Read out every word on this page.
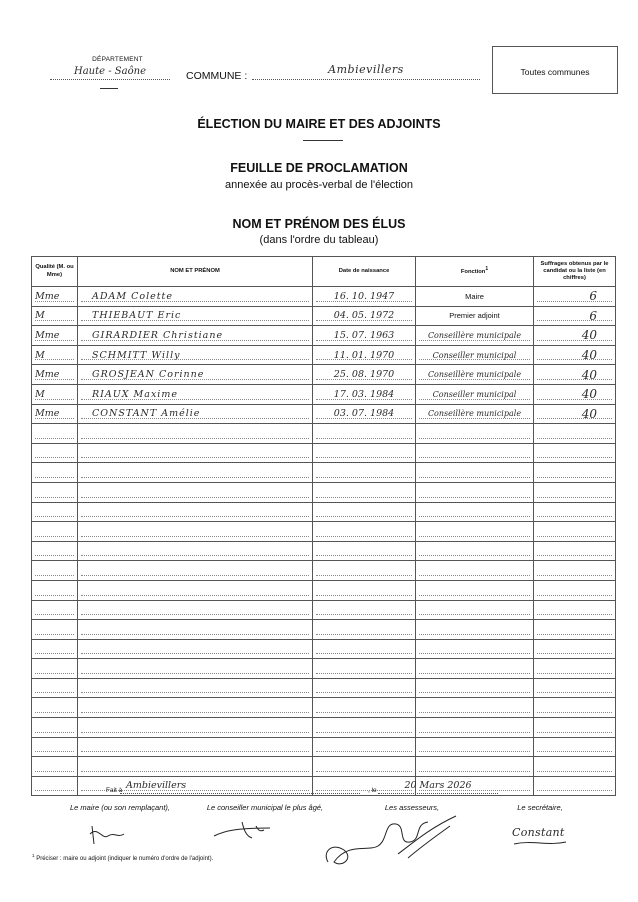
DÉPARTEMENT
Haute - Saône	COMMUNE :	Ambievillers	Toutes communes
ÉLECTION DU MAIRE ET DES ADJOINTS
FEUILLE DE PROCLAMATION
annexée au procès-verbal de l'élection
NOM ET PRÉNOM DES ÉLUS
(dans l'ordre du tableau)
Qualité (M. ou Mme)	NOM ET PRÉNOM	Date de naissance	Fonction$^1$	Suffrages obtenus par le candidat ou la liste (en chiffres)
Mme	ADAM Colette	16. 10. 1947	Maire	6
M	THIEBAUT Eric	04. 05. 1972	Premier adjoint	6
Mme	GIRARDIER Christiane	15. 07. 1963	Conseillère municipale	40
M	SCHMITT Willy	11. 01. 1970	Conseiller municipal	40
Mme	GROSJEAN Corinne	25. 08. 1970	Conseillère municipale	40
M	RIAUX Maxime	17. 03. 1984	Conseiller municipal	40
Mme	CONSTANT Amélie	03. 07. 1984	Conseillère municipale	40

Fait à Ambievillers	, le	20 Mars 2026
Le maire (ou son remplaçant),	Le conseiller municipal le plus âgé,	Les assesseurs,	Le secrétaire,
Constant
$^1$ Préciser : maire ou adjoint (indiquer le numéro d'ordre de l'adjoint).
